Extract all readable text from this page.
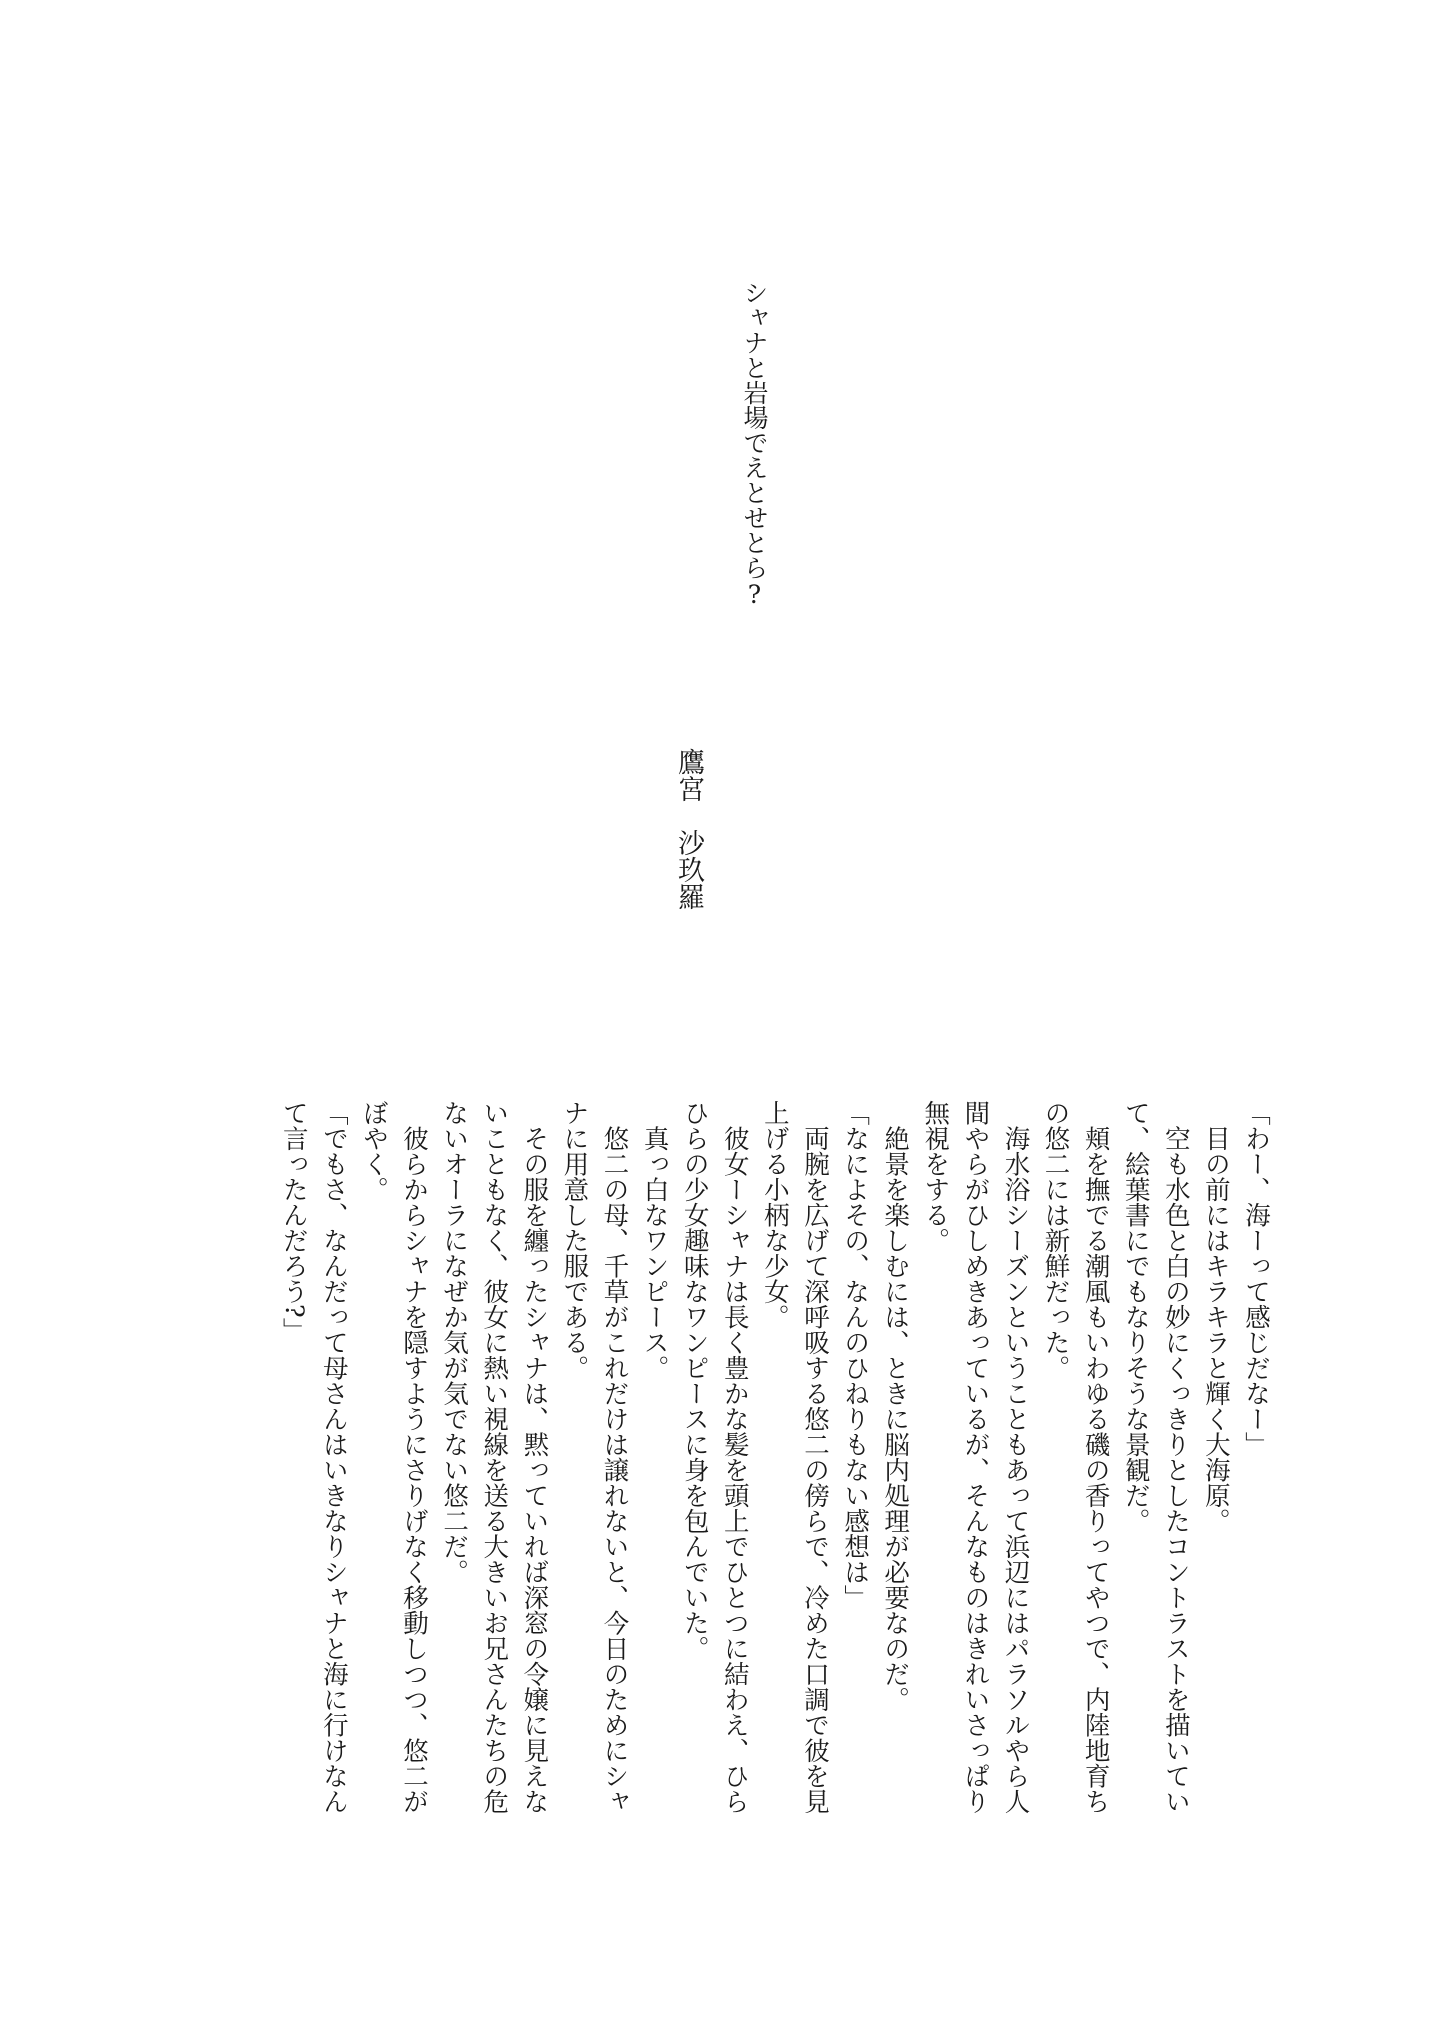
シャナと岩場でえとせとら?
鷹宮　沙玖羅
「わー、海ーって感じだなー」
　目の前にはキラキラと輝く大海原。
　空も水色と白の妙にくっきりとしたコントラストを描いてい
て、絵葉書にでもなりそうな景観だ。
　頬を撫でる潮風もいわゆる磯の香りってやつで、内陸地育ち
の悠二には新鮮だった。
　海水浴シーズンということもあって浜辺にはパラソルやら人
間やらがひしめきあっているが、そんなものはきれいさっぱり
無視をする。
　絶景を楽しむには、ときに脳内処理が必要なのだ。
「なによその、なんのひねりもない感想は」
　両腕を広げて深呼吸する悠二の傍らで、冷めた口調で彼を見
上げる小柄な少女。
　彼女ーシャナは長く豊かな髪を頭上でひとつに結わえ、ひら
ひらの少女趣味なワンピースに身を包んでいた。
　真っ白なワンピース。
　悠二の母、千草がこれだけは譲れないと、今日のためにシャ
ナに用意した服である。
　その服を纏ったシャナは、黙っていれば深窓の令嬢に見えな
いこともなく、彼女に熱い視線を送る大きいお兄さんたちの危
ないオーラになぜか気が気でない悠二だ。
　彼らからシャナを隠すようにさりげなく移動しつつ、悠二が
ぼやく。
「でもさ、なんだって母さんはいきなりシャナと海に行けなん
て言ったんだろう?」
